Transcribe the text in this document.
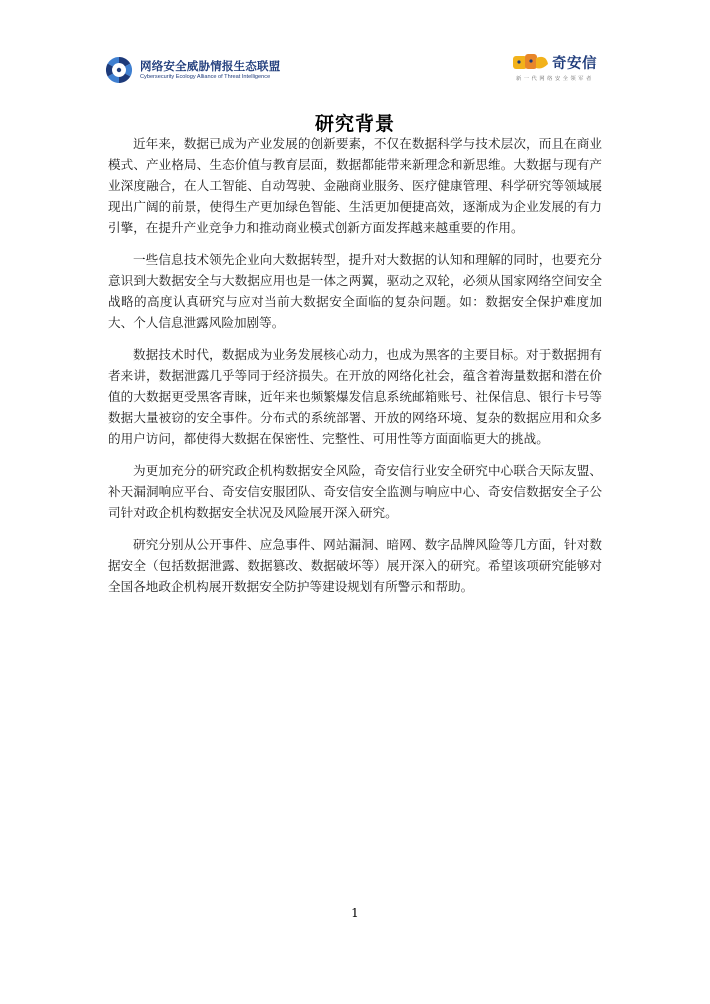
网络安全威胁情报生态联盟
Cybersecurity Ecology Alliance of Threat Intelligence
奇安信
新一代网络安全领军者
研究背景

近年来，数据已成为产业发展的创新要素，不仅在数据科学与技术层次，而且在商业模式、产业格局、生态价值与教育层面，数据都能带来新理念和新思维。大数据与现有产业深度融合，在人工智能、自动驾驶、金融商业服务、医疗健康管理、科学研究等领域展现出广阔的前景，使得生产更加绿色智能、生活更加便捷高效，逐渐成为企业发展的有力引擎，在提升产业竞争力和推动商业模式创新方面发挥越来越重要的作用。

一些信息技术领先企业向大数据转型，提升对大数据的认知和理解的同时，也要充分意识到大数据安全与大数据应用也是一体之两翼，驱动之双轮，必须从国家网络空间安全战略的高度认真研究与应对当前大数据安全面临的复杂问题。如：数据安全保护难度加大、个人信息泄露风险加剧等。

数据技术时代，数据成为业务发展核心动力，也成为黑客的主要目标。对于数据拥有者来讲，数据泄露几乎等同于经济损失。在开放的网络化社会，蕴含着海量数据和潜在价值的大数据更受黑客青睐，近年来也频繁爆发信息系统邮箱账号、社保信息、银行卡号等数据大量被窃的安全事件。分布式的系统部署、开放的网络环境、复杂的数据应用和众多的用户访问，都使得大数据在保密性、完整性、可用性等方面面临更大的挑战。

为更加充分的研究政企机构数据安全风险，奇安信行业安全研究中心联合天际友盟、补天漏洞响应平台、奇安信安服团队、奇安信安全监测与响应中心、奇安信数据安全子公司针对政企机构数据安全状况及风险展开深入研究。

研究分别从公开事件、应急事件、网站漏洞、暗网、数字品牌风险等几方面，针对数据安全（包括数据泄露、数据篡改、数据破坏等）展开深入的研究。希望该项研究能够对全国各地政企机构展开数据安全防护等建设规划有所警示和帮助。

1
